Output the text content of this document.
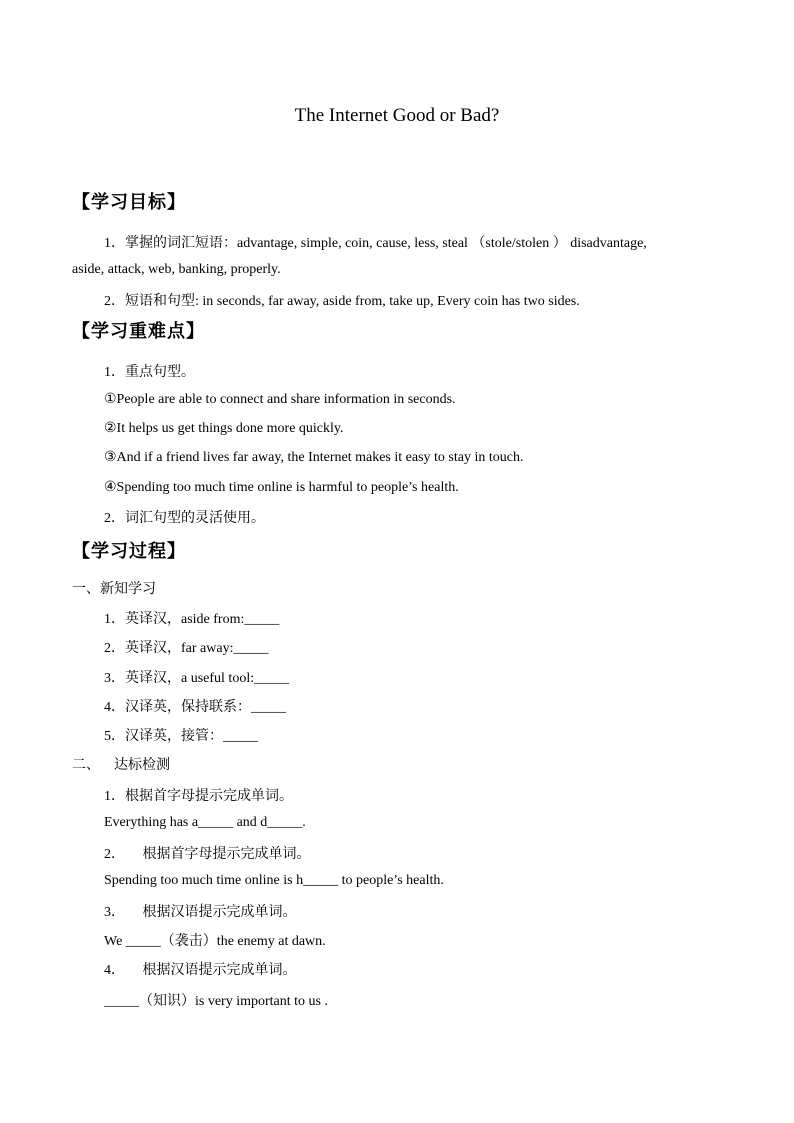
The Internet Good or Bad?
【学习目标】
1．掌握的词汇短语：advantage, simple, coin, cause, less, steal （stole/stolen ） disadvantage,
aside, attack, web, banking, properly.
2．短语和句型: in seconds, far away, aside from, take up, Every coin has two sides.
【学习重难点】
1．重点句型。
①People are able to connect and share information in seconds.
②It helps us get things done more quickly.
③And if a friend lives far away, the Internet makes it easy to stay in touch.
④Spending too much time online is harmful to people’s health.
2．词汇句型的灵活使用。
【学习过程】
一、新知学习
1．英译汉，aside from:_____
2．英译汉，far away:_____
3．英译汉，a useful tool:_____
4．汉译英，保持联系：_____
5．汉译英，接管：_____
二、    达标检测
1．根据首字母提示完成单词。
Everything has a_____ and d_____.
2．     根据首字母提示完成单词。
Spending too much time online is h_____ to people’s health.
3．     根据汉语提示完成单词。
We _____（袭击）the enemy at dawn.
4．     根据汉语提示完成单词。
_____（知识）is very important to us .
